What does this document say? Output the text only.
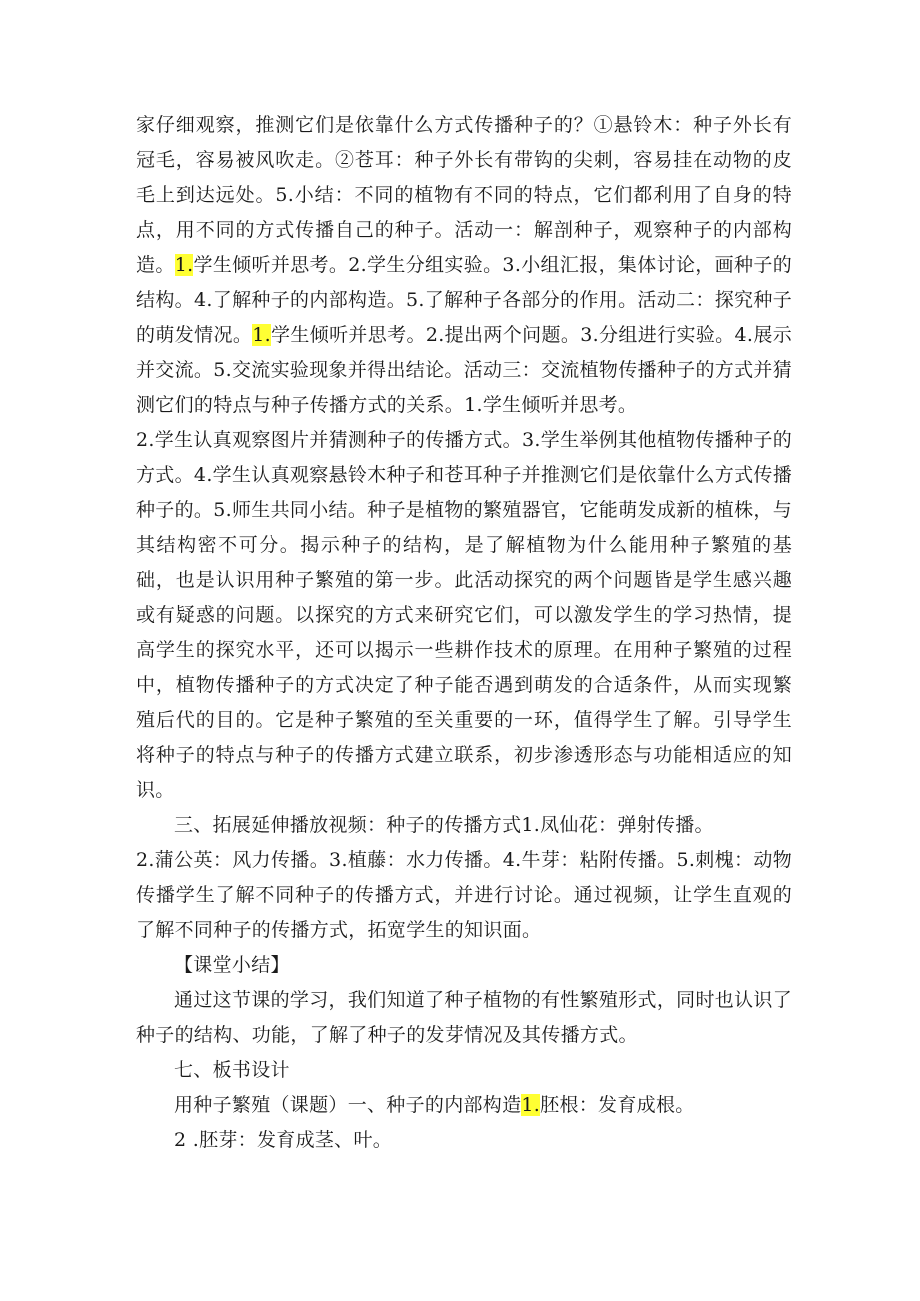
家仔细观察，推测它们是依靠什么方式传播种子的？①悬铃木：种子外长有冠毛，容易被风吹走。②苍耳：种子外长有带钩的尖刺，容易挂在动物的皮毛上到达远处。5.小结：不同的植物有不同的特点，它们都利用了自身的特点，用不同的方式传播自己的种子。活动一：解剖种子，观察种子的内部构造。1.学生倾听并思考。2.学生分组实验。3.小组汇报，集体讨论，画种子的结构。4.了解种子的内部构造。5.了解种子各部分的作用。活动二：探究种子的萌发情况。1.学生倾听并思考。2.提出两个问题。3.分组进行实验。4.展示并交流。5.交流实验现象并得出结论。活动三：交流植物传播种子的方式并猜测它们的特点与种子传播方式的关系。1.学生倾听并思考。

2.学生认真观察图片并猜测种子的传播方式。3.学生举例其他植物传播种子的方式。4.学生认真观察悬铃木种子和苍耳种子并推测它们是依靠什么方式传播种子的。5.师生共同小结。种子是植物的繁殖器官，它能萌发成新的植株，与其结构密不可分。揭示种子的结构，是了解植物为什么能用种子繁殖的基础，也是认识用种子繁殖的第一步。此活动探究的两个问题皆是学生感兴趣或有疑惑的问题。以探究的方式来研究它们，可以激发学生的学习热情，提高学生的探究水平，还可以揭示一些耕作技术的原理。在用种子繁殖的过程中，植物传播种子的方式决定了种子能否遇到萌发的合适条件，从而实现繁殖后代的目的。它是种子繁殖的至关重要的一环，值得学生了解。引导学生将种子的特点与种子的传播方式建立联系，初步渗透形态与功能相适应的知识。

三、拓展延伸播放视频：种子的传播方式1.凤仙花：弹射传播。

2.蒲公英：风力传播。3.植藤：水力传播。4.牛芽：粘附传播。5.刺槐：动物传播学生了解不同种子的传播方式，并进行讨论。通过视频，让学生直观的了解不同种子的传播方式，拓宽学生的知识面。

【课堂小结】

通过这节课的学习，我们知道了种子植物的有性繁殖形式，同时也认识了种子的结构、功能，了解了种子的发芽情况及其传播方式。

七、板书设计

用种子繁殖（课题）一、种子的内部构造1.胚根：发育成根。

2 .胚芽：发育成茎、叶。
